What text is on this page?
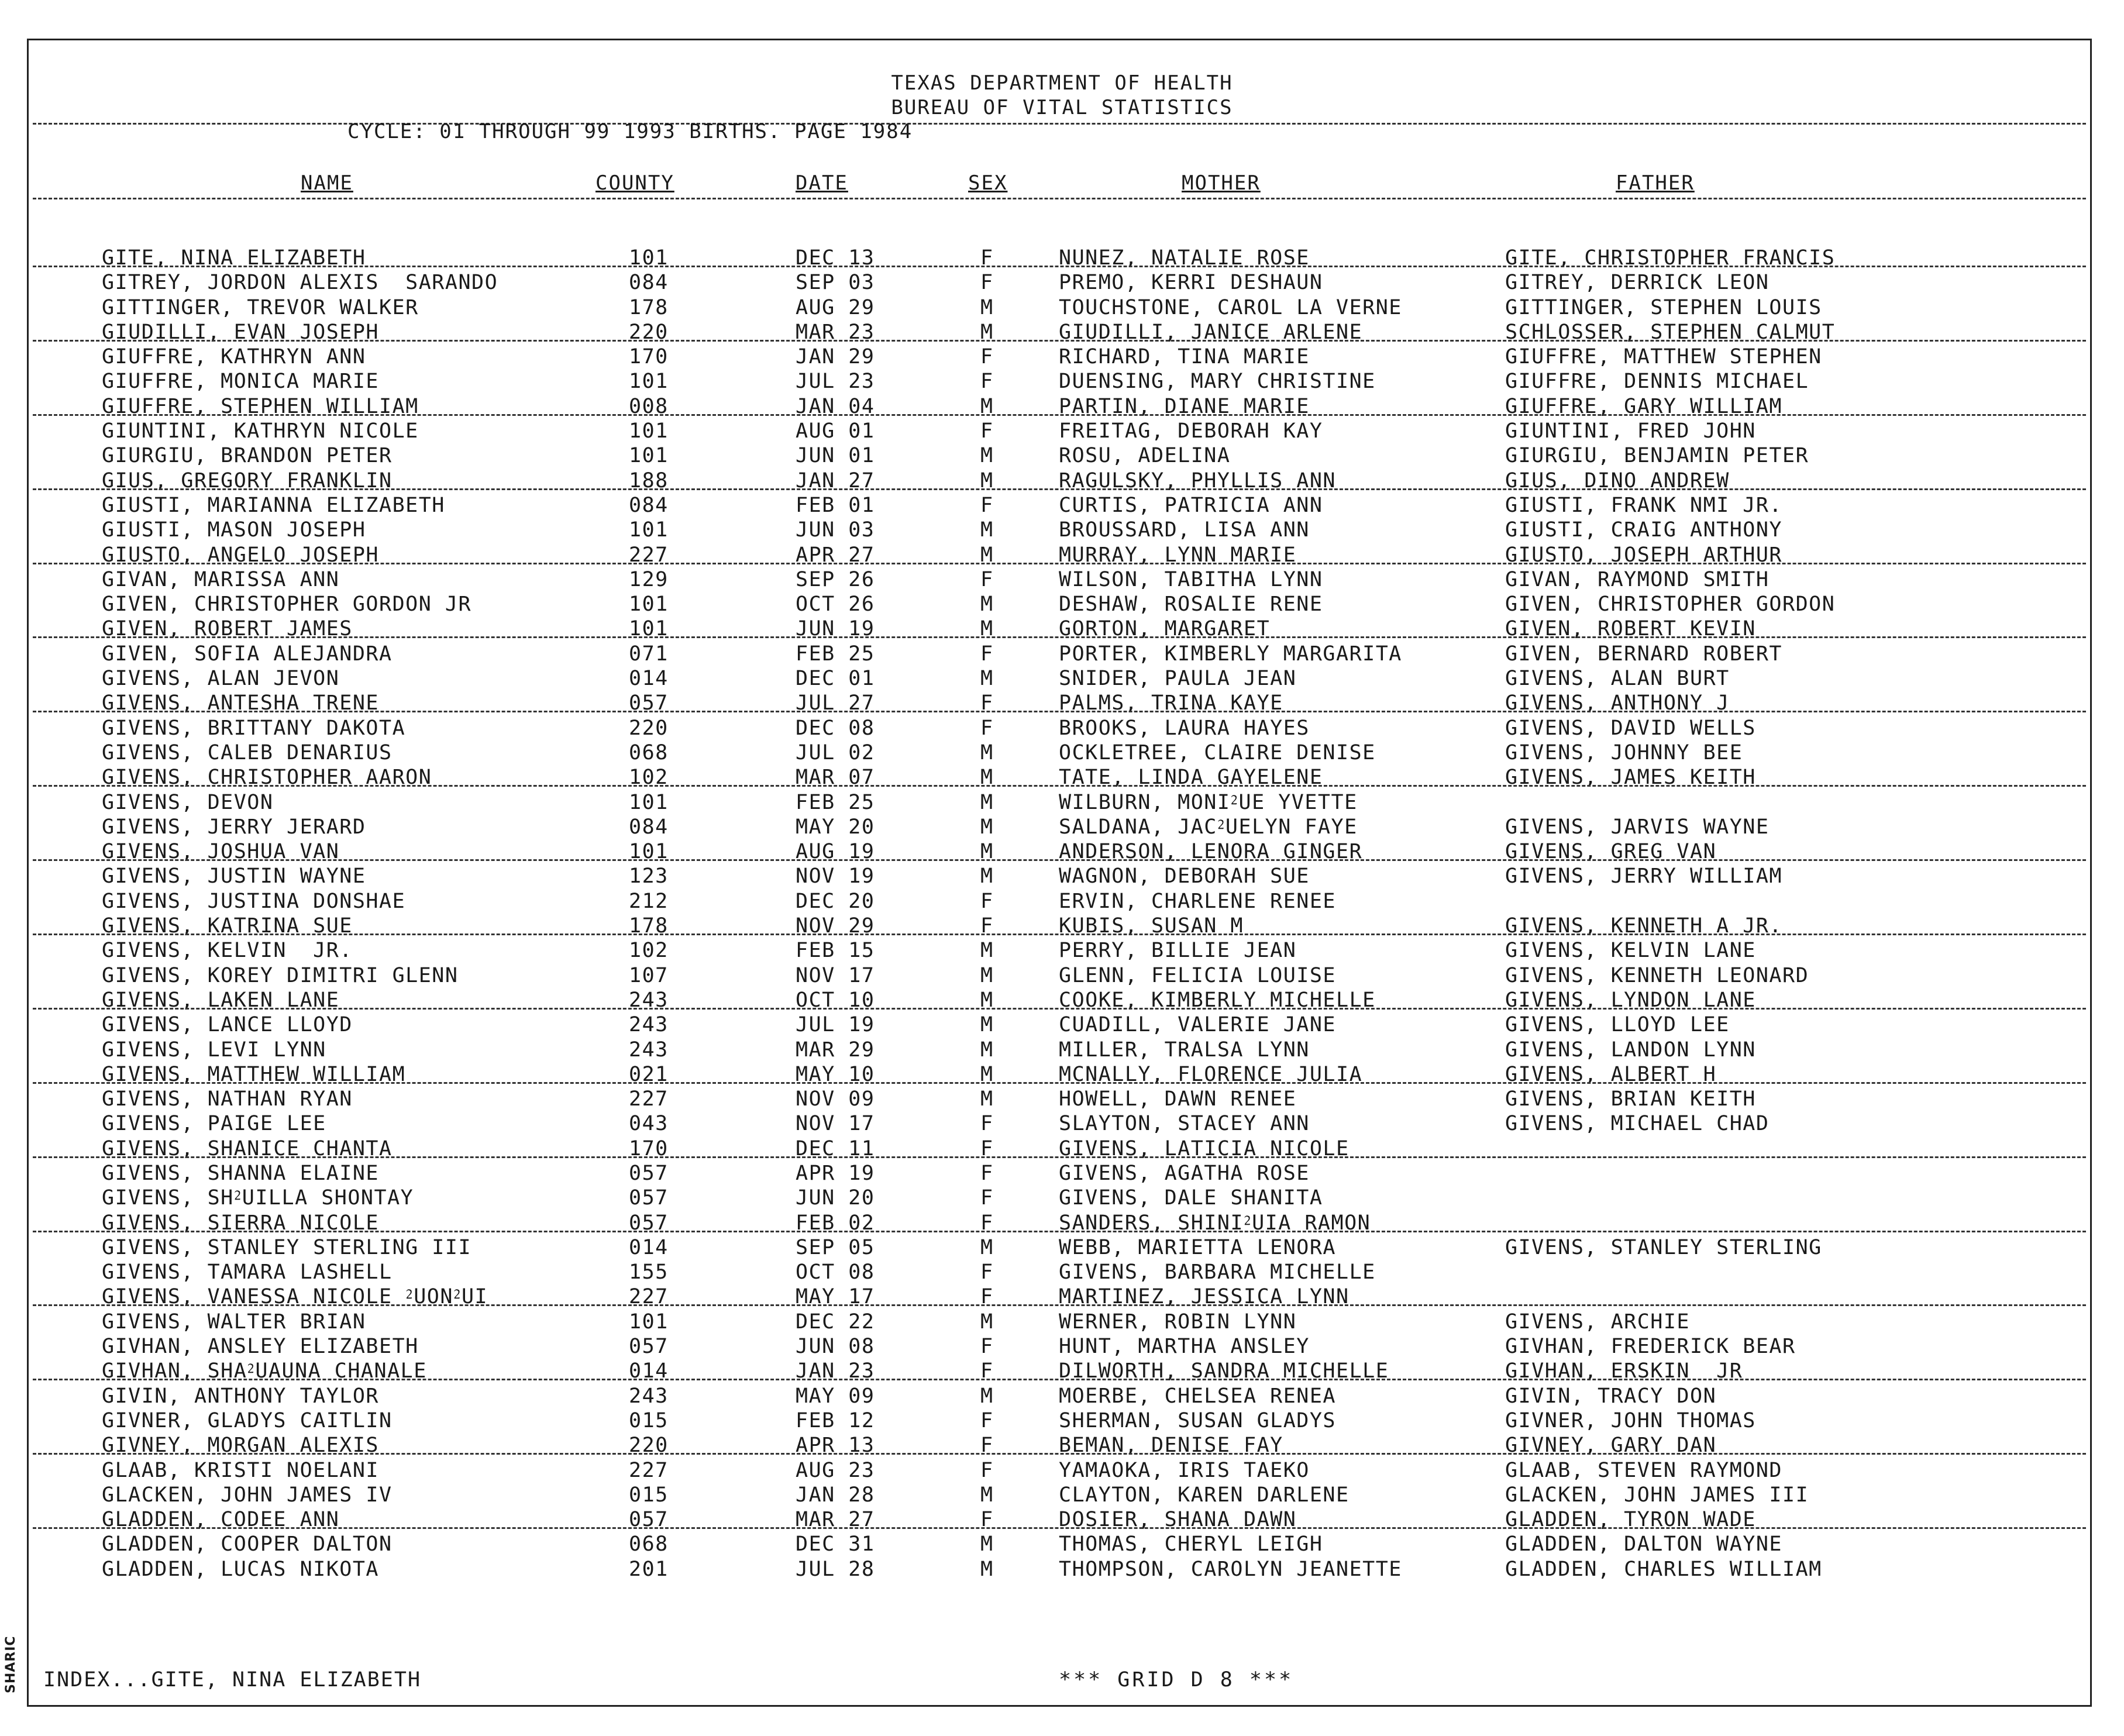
SHARIC
TEXAS DEPARTMENT OF HEALTH
BUREAU OF VITAL STATISTICS
CYCLE: 01 THROUGH 99 1993 BIRTHS. PAGE 1984
NAME	COUNTY	DATE	SEX	MOTHER	FATHER
GITE, NINA ELIZABETH	101	DEC 13	F	NUNEZ, NATALIE ROSE	GITE, CHRISTOPHER FRANCIS
GITREY, JORDON ALEXIS  SARANDO	084	SEP 03	F	PREMO, KERRI DESHAUN	GITREY, DERRICK LEON
GITTINGER, TREVOR WALKER	178	AUG 29	M	TOUCHSTONE, CAROL LA VERNE	GITTINGER, STEPHEN LOUIS
GIUDILLI, EVAN JOSEPH	220	MAR 23	M	GIUDILLI, JANICE ARLENE	SCHLOSSER, STEPHEN CALMUT
GIUFFRE, KATHRYN ANN	170	JAN 29	F	RICHARD, TINA MARIE	GIUFFRE, MATTHEW STEPHEN
GIUFFRE, MONICA MARIE	101	JUL 23	F	DUENSING, MARY CHRISTINE	GIUFFRE, DENNIS MICHAEL
GIUFFRE, STEPHEN WILLIAM	008	JAN 04	M	PARTIN, DIANE MARIE	GIUFFRE, GARY WILLIAM
GIUNTINI, KATHRYN NICOLE	101	AUG 01	F	FREITAG, DEBORAH KAY	GIUNTINI, FRED JOHN
GIURGIU, BRANDON PETER	101	JUN 01	M	ROSU, ADELINA	GIURGIU, BENJAMIN PETER
GIUS, GREGORY FRANKLIN	188	JAN 27	M	RAGULSKY, PHYLLIS ANN	GIUS, DINO ANDREW
GIUSTI, MARIANNA ELIZABETH	084	FEB 01	F	CURTIS, PATRICIA ANN	GIUSTI, FRANK NMI JR.
GIUSTI, MASON JOSEPH	101	JUN 03	M	BROUSSARD, LISA ANN	GIUSTI, CRAIG ANTHONY
GIUSTO, ANGELO JOSEPH	227	APR 27	M	MURRAY, LYNN MARIE	GIUSTO, JOSEPH ARTHUR
GIVAN, MARISSA ANN	129	SEP 26	F	WILSON, TABITHA LYNN	GIVAN, RAYMOND SMITH
GIVEN, CHRISTOPHER GORDON JR	101	OCT 26	M	DESHAW, ROSALIE RENE	GIVEN, CHRISTOPHER GORDON
GIVEN, ROBERT JAMES	101	JUN 19	M	GORTON, MARGARET	GIVEN, ROBERT KEVIN
GIVEN, SOFIA ALEJANDRA	071	FEB 25	F	PORTER, KIMBERLY MARGARITA	GIVEN, BERNARD ROBERT
GIVENS, ALAN JEVON	014	DEC 01	M	SNIDER, PAULA JEAN	GIVENS, ALAN BURT
GIVENS, ANTESHA TRENE	057	JUL 27	F	PALMS, TRINA KAYE	GIVENS, ANTHONY J
GIVENS, BRITTANY DAKOTA	220	DEC 08	F	BROOKS, LAURA HAYES	GIVENS, DAVID WELLS
GIVENS, CALEB DENARIUS	068	JUL 02	M	OCKLETREE, CLAIRE DENISE	GIVENS, JOHNNY BEE
GIVENS, CHRISTOPHER AARON	102	MAR 07	M	TATE, LINDA GAYELENE	GIVENS, JAMES KEITH
GIVENS, DEVON	101	FEB 25	M	WILBURN, MONI⁲UE YVETTE
GIVENS, JERRY JERARD	084	MAY 20	M	SALDANA, JAC⁲UELYN FAYE	GIVENS, JARVIS WAYNE
GIVENS, JOSHUA VAN	101	AUG 19	M	ANDERSON, LENORA GINGER	GIVENS, GREG VAN
GIVENS, JUSTIN WAYNE	123	NOV 19	M	WAGNON, DEBORAH SUE	GIVENS, JERRY WILLIAM
GIVENS, JUSTINA DONSHAE	212	DEC 20	F	ERVIN, CHARLENE RENEE
GIVENS, KATRINA SUE	178	NOV 29	F	KUBIS, SUSAN M	GIVENS, KENNETH A JR.
GIVENS, KELVIN  JR.	102	FEB 15	M	PERRY, BILLIE JEAN	GIVENS, KELVIN LANE
GIVENS, KOREY DIMITRI GLENN	107	NOV 17	M	GLENN, FELICIA LOUISE	GIVENS, KENNETH LEONARD
GIVENS, LAKEN LANE	243	OCT 10	M	COOKE, KIMBERLY MICHELLE	GIVENS, LYNDON LANE
GIVENS, LANCE LLOYD	243	JUL 19	M	CUADILL, VALERIE JANE	GIVENS, LLOYD LEE
GIVENS, LEVI LYNN	243	MAR 29	M	MILLER, TRALSA LYNN	GIVENS, LANDON LYNN
GIVENS, MATTHEW WILLIAM	021	MAY 10	M	MCNALLY, FLORENCE JULIA	GIVENS, ALBERT H
GIVENS, NATHAN RYAN	227	NOV 09	M	HOWELL, DAWN RENEE	GIVENS, BRIAN KEITH
GIVENS, PAIGE LEE	043	NOV 17	F	SLAYTON, STACEY ANN	GIVENS, MICHAEL CHAD
GIVENS, SHANICE CHANTA	170	DEC 11	F	GIVENS, LATICIA NICOLE
GIVENS, SHANNA ELAINE	057	APR 19	F	GIVENS, AGATHA ROSE
GIVENS, SH⁲UILLA SHONTAY	057	JUN 20	F	GIVENS, DALE SHANITA
GIVENS, SIERRA NICOLE	057	FEB 02	F	SANDERS, SHINI⁲UIA RAMON
GIVENS, STANLEY STERLING III	014	SEP 05	M	WEBB, MARIETTA LENORA	GIVENS, STANLEY STERLING
GIVENS, TAMARA LASHELL	155	OCT 08	F	GIVENS, BARBARA MICHELLE
GIVENS, VANESSA NICOLE ⁲UON⁲UI	227	MAY 17	F	MARTINEZ, JESSICA LYNN
GIVENS, WALTER BRIAN	101	DEC 22	M	WERNER, ROBIN LYNN	GIVENS, ARCHIE
GIVHAN, ANSLEY ELIZABETH	057	JUN 08	F	HUNT, MARTHA ANSLEY	GIVHAN, FREDERICK BEAR
GIVHAN, SHA⁲UAUNA CHANALE	014	JAN 23	F	DILWORTH, SANDRA MICHELLE	GIVHAN, ERSKIN  JR
GIVIN, ANTHONY TAYLOR	243	MAY 09	M	MOERBE, CHELSEA RENEA	GIVIN, TRACY DON
GIVNER, GLADYS CAITLIN	015	FEB 12	F	SHERMAN, SUSAN GLADYS	GIVNER, JOHN THOMAS
GIVNEY, MORGAN ALEXIS	220	APR 13	F	BEMAN, DENISE FAY	GIVNEY, GARY DAN
GLAAB, KRISTI NOELANI	227	AUG 23	F	YAMAOKA, IRIS TAEKO	GLAAB, STEVEN RAYMOND
GLACKEN, JOHN JAMES IV	015	JAN 28	M	CLAYTON, KAREN DARLENE	GLACKEN, JOHN JAMES III
GLADDEN, CODEE ANN	057	MAR 27	F	DOSIER, SHANA DAWN	GLADDEN, TYRON WADE
GLADDEN, COOPER DALTON	068	DEC 31	M	THOMAS, CHERYL LEIGH	GLADDEN, DALTON WAYNE
GLADDEN, LUCAS NIKOTA	201	JUL 28	M	THOMPSON, CAROLYN JEANETTE	GLADDEN, CHARLES WILLIAM
INDEX...GITE, NINA ELIZABETH	*** GRID D 8 ***
